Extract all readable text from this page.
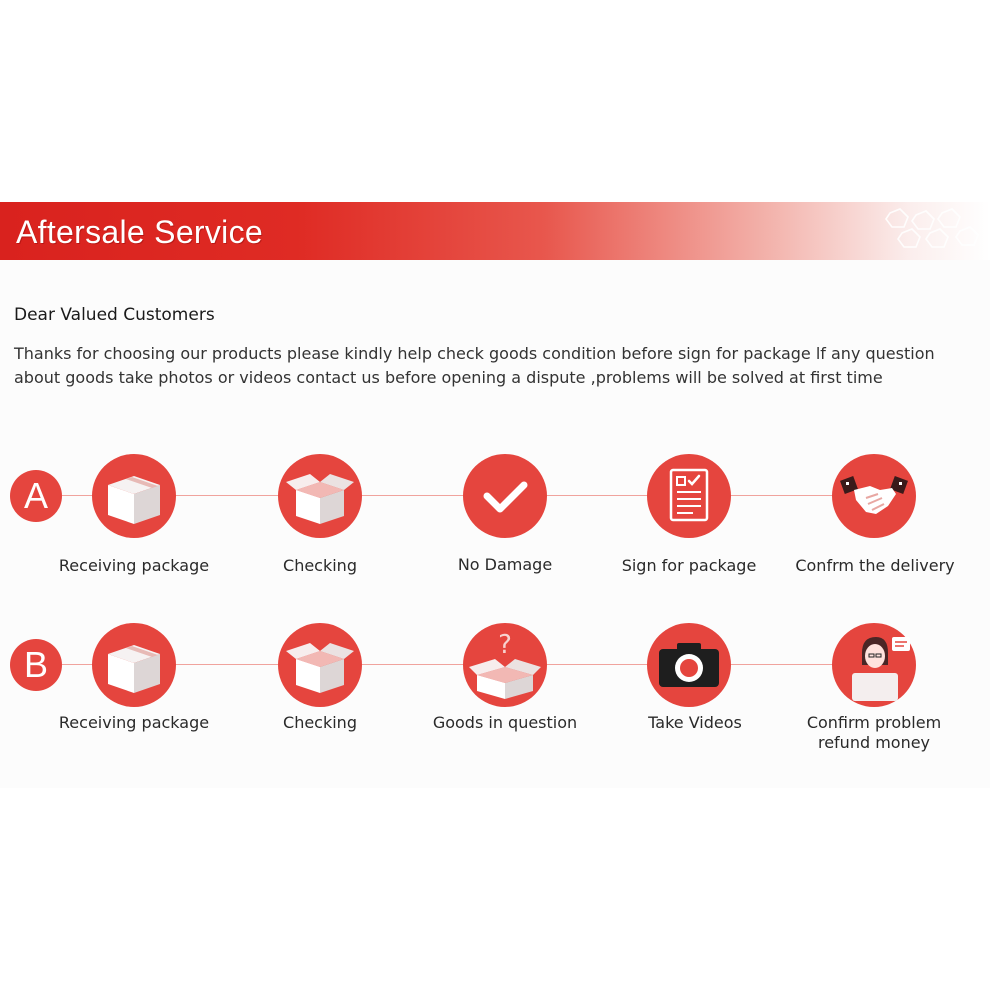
Aftersale Service
Dear Valued Customers
Thanks for choosing our products please kindly help check goods condition before sign for package lf any question
about goods take photos or videos contact us before opening a dispute ,problems will be solved at first time
A
Receiving package	Checking	No Damage	Sign for package	Confrm the delivery
B
Receiving package	Checking
?
Goods in question	Take Videos	Confirm problem
refund money
